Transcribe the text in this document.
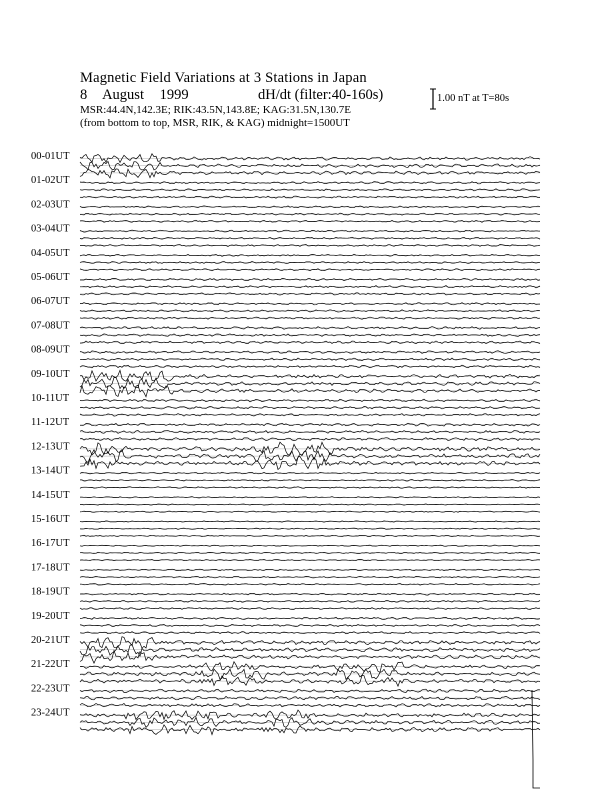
Magnetic Field Variations at 3 Stations in Japan
8 August 1999	dH/dt (filter:40-160s)
MSR:44.4N,142.3E; RIK:43.5N,143.8E; KAG:31.5N,130.7E
(from bottom to top, MSR, RIK, & KAG) midnight=1500UT
1.00 nT at T=80s
00-01UT
01-02UT
02-03UT
03-04UT
04-05UT
05-06UT
06-07UT
07-08UT
08-09UT
09-10UT
10-11UT
11-12UT
12-13UT
13-14UT
14-15UT
15-16UT
16-17UT
17-18UT
18-19UT
19-20UT
20-21UT
21-22UT
22-23UT
23-24UT
